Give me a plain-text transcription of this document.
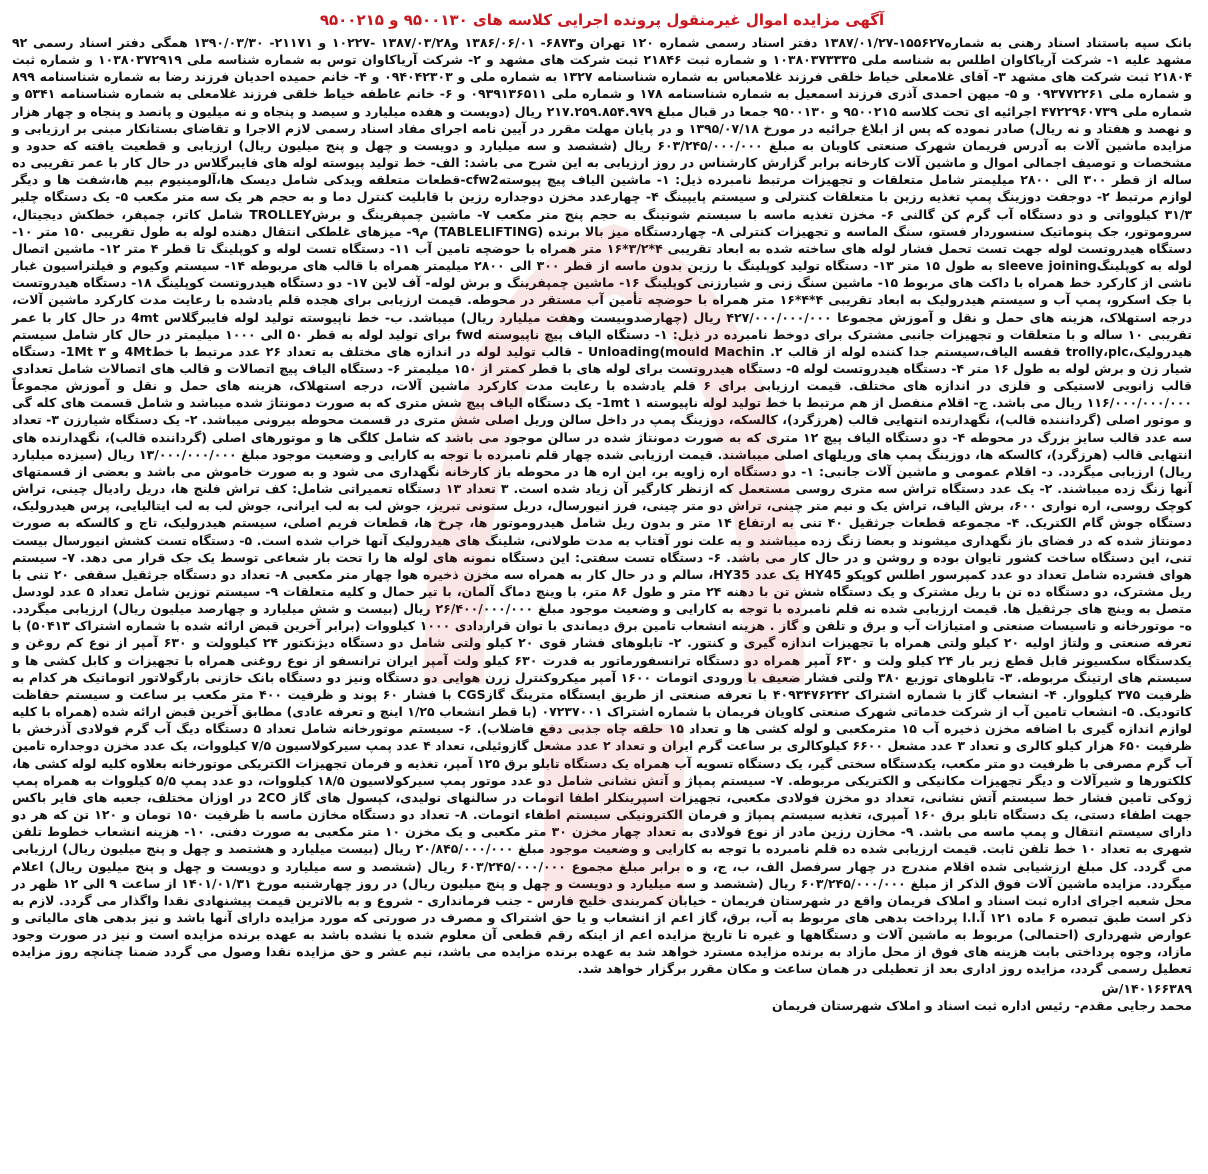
آگهی مزایده اموال غیرمنقول پرونده اجرایی کلاسه های ۹۵۰۰۱۳۰ و ۹۵۰۰۲۱۵

بانک سپه باستناد اسناد رهنی به شماره۱۵۵۶۲۷-۱۳۸۷/۰۱/۲۷ دفتر اسناد رسمی شماره ۱۲۰ تهران و۶۸۷۳- ۱۳۸۶/۰۶/۰۱ و۱۳۸۷/۰۳/۲۸ -۱۰۲۲۷ و ۲۱۱۷۱- ۱۳۹۰/۰۳/۳۰ همگی دفتر اسناد رسمی ۹۲ مشهد علیه ۱- شرکت آریاکاوان اطلس به شناسه ملی ۱۰۳۸۰۳۷۳۳۳۵ و شماره ثبت ۲۱۸۴۶ ثبت شرکت های مشهد و ۲- شرکت آریاکاوان توس به شماره شناسه ملی ۱۰۳۸۰۳۷۲۹۱۹ و شماره ثبت ۲۱۸۰۴ ثبت شرکت های مشهد ۳- آقای غلامعلی خیاط خلقی فرزند غلامعباس به شماره شناسنامه ۱۳۲۷ به شماره ملی و ۰۹۴۰۴۲۳۰۳ و ۴- خانم حمیده احدیان فرزند رضا به شماره شناسنامه ۸۹۹ و شماره ملی ۰۹۳۷۷۲۲۶۱ و ۵- میهن احمدی آذری فرزند اسمعیل به شماره شناسنامه ۱۷۸ و شماره ملی ۰۹۳۹۱۳۶۵۱۱ و ۶- خانم عاطفه خیاط خلقی فرزند غلامعلی به شماره شناسنامه ۵۳۴۱ و شماره ملی ۴۷۲۲۹۶۰۷۳۹ اجرائیه ای تحت کلاسه ۹۵۰۰۲۱۵ و ۹۵۰۰۱۳۰ جمعا در قبال مبلغ ۲۱۷.۲۵۹.۸۵۴.۹۷۹ ریال (دویست و هفده میلیارد و سیصد و پنجاه و نه میلیون و پانصد و پنجاه و چهار هزار و نهصد و هفتاد و نه ریال) صادر نموده که پس از ابلاغ جرائیه در مورخ ۱۳۹۵/۰۷/۱۸ و در پایان مهلت مقرر در آیین نامه اجرای مفاد اسناد رسمی لازم الاجرا و تقاضای بستانکار مبنی بر ارزیابی و مزایده ماشین آلات به آدرس فریمان شهرک صنعتی کاویان به مبلغ ۶۰۳/۲۴۵/۰۰۰/۰۰۰ ریال (ششصد و سه میلیارد و دویست و چهل و پنج میلیون ریال) ارزیابی و قطعیت یافته که حدود و مشخصات و توصیف اجمالی اموال و ماشین آلات کارخانه برابر گزارش کارشناس در روز ارزیابی به این شرح می باشد: الف- خط تولید پیوسته لوله های فایبرگلاس در حال کار با عمر تقریبی ده ساله از قطر ۳۰۰ الی ۲۸۰۰ میلیمتر شامل متعلقات و تجهیزات مرتبط نامبرده ذیل: ۱- ماشین الیاف پیچ پیوستهcfw2-قطعات متعلقه ویدکی شامل دیسک ها،آلومینیوم بیم ها،شفت ها و دیگر لوازم مرتبط ۲- دوجفت دوزینگ پمپ تغذیه رزین با متعلقات کنترلی و سیستم پایپینگ ۴- چهارعدد مخزن دوجداره رزین با قابلیت کنترل دما و به حجم هر یک سه متر مکعب ۵- یک دستگاه چلیر ۳۱/۳ کیلوواتی و دو دستگاه آب گرم کن گالنی ۶- مخزن تغذیه ماسه با سیستم شوتینگ به حجم پنج متر مکعب ۷- ماشین چمپفرینگ و برشTROLLEY شامل کاتر، چمپفر، خطکش دیجیتال، سروموتور، جک پنوماتیک سنسوردار فستو، سنگ الماسه و تجهیزات کنترلی ۸- چهاردستگاه میز بالا برنده (TABLELIFTING) م۹- میزهای غلطکی انتقال دهنده لوله به طول تقریبی ۱۵۰ متر ۱۰- دستگاه هیدروتست لوله جهت تست تحمل فشار لوله های ساخته شده به ابعاد تقریبی ۴*۳/۲*۱۶ متر همراه با حوضچه تامین آب ۱۱- دستگاه تست لوله و کوپلینگ تا قطر ۴ متر ۱۲- ماشین اتصال لوله به کوپلینگsleeve joining به طول ۱۵ متر ۱۳- دستگاه تولید کوپلینگ با رزین بدون ماسه از قطر ۳۰۰ الی ۲۸۰۰ میلیمتر همراه با قالب های مربوطه ۱۴- سیستم وکیوم و فیلتراسیون غبار ناشی از کارکرد خط همراه با داکت های مربوط ۱۵- ماشین سنگ زنی و شیارزنی کوپلینگ ۱۶- ماشین چمپفرینگ و برش لوله- آف لاین ۱۷- دو دستگاه هیدروتست کوپلینگ ۱۸- دستگاه هیدروتست با جک اسکرو، پمپ آب و سیستم هیدرولیک به ابعاد تقریبی ۴*۴*۱۶ متر همراه با حوضچه تأمین آب مستقر در محوطه. قیمت ارزیابی برای هجده قلم یادشده با رعایت مدت کارکرد ماشین آلات، درجه استهلاک، هزینه های حمل و نقل و آموزش مجموعا ۴۲۷/۰۰۰/۰۰۰/۰۰۰ ریال (چهارصدوبیست وهفت میلیارد ریال) میباشد. ب- خط ناپیوسته تولید لوله فایبرگلاس 4mt در حال کار با عمر تقریبی ۱۰ ساله و با متعلقات و تجهیزات جانبی مشترک برای دوخط نامبرده در ذیل: ۱- دستگاه الیاف پیچ ناپیوسته fwd برای تولید لوله به قطر ۵۰ الی ۱۰۰۰ میلیمتر در حال کار شامل سیستم هیدرولیک،trolly،plc قفسه الیاف،سیستم جدا کننده لوله از قالب ۲. Unloading(mould Machin - قالب تولید لوله در اندازه های مختلف به تعداد ۲۶ عدد مرتبط با خط4Mt و 1Mt ۳- دستگاه شیار زن و برش لوله به طول ۱۶ متر ۴- دستگاه هیدروتست لوله ۵- دستگاه هیدروتست برای لوله های با قطر کمتر از ۱۵۰ میلیمتر ۶- دستگاه الیاف پیچ اتصالات و قالب های اتصالات شامل تعدادی قالب زانویی لاستیکی و فلزی در اندازه های مختلف. قیمت ارزیابی برای ۶ قلم یادشده با رعایت مدت کارکرد ماشین آلات، درجه استهلاک، هزینه های حمل و نقل و آموزش مجموعاً ۱۱۶/۰۰۰/۰۰۰/۰۰۰ ریال می باشد. ج- اقلام منفصل از هم مرتبط با خط تولید لوله ناپیوسته 1mt ۱- یک دستگاه الیاف پیچ شش متری که به صورت دمونتاژ شده میباشد و شامل قسمت های کله گی و موتور اصلی (گردانننده قالب)، نگهدارنده انتهایی قالب (هرزگرد)، کالسکه، دوزینگ پمپ در داخل سالن وریل اصلی شش متری در قسمت محوطه بیرونی میباشد. ۲- یک دستگاه شیارزن ۳- تعداد سه عدد قالب سایز بزرگ در محوطه ۴- دو دستگاه الیاف پیچ ۱۲ متری که به صورت دمونتاژ شده در سالن موجود می باشد که شامل کلگی ها و موتورهای اصلی (گرداننده قالب)، نگهدارنده های انتهایی قالب (هرزگرد)، کالسکه ها، دوزینگ پمپ های وریلهای اصلی میباشند. قیمت ارزیابی شده چهار قلم نامبرده با توجه به کارایی و وضعیت موجود مبلغ ۱۳/۰۰۰/۰۰۰/۰۰۰ ریال (سیزده میلیارد ریال) ارزیابی میگردد. د- اقلام عمومی و ماشین آلات جانبی: ۱- دو دستگاه اره زاویه بر، این اره ها در محوطه باز کارخانه نگهداری می شود و به صورت خاموش می باشد و بعضی از قسمتهای آنها زنگ زده میباشند. ۲- یک عدد دستگاه تراش سه متری روسی مستعمل که ازنظر کارگیر آن زیاد شده است. ۳ تعداد ۱۳ دستگاه تعمیراتی شامل: کف تراش فلنج ها، دریل رادیال چینی، تراش کوچک روسی، اره نواری ۶۰۰، برش الیاف، تراش یک و نیم متر چینی، تراش دو متر چینی، فرز انیورسال، دریل ستونی تبریز، جوش لب به لب ایرانی، جوش لب به لب ایتالیایی، پرس هیدرولیک، دستگاه جوش گام الکتریک. ۴- مجموعه قطعات جرثقیل ۴۰ تنی به ارتفاع ۱۴ متر و بدون ریل شامل هیدروموتور ها، چرخ ها، قطعات فریم اصلی، سیستم هیدرولیک، تاج و کالسکه به صورت دمونتاژ شده که در فضای باز نگهداری میشوند و بعضا زنگ زده میباشند و به علت نور آفتاب به مدت طولانی، شلینگ های هیدرولیک آنها خراب شده است. ۵- دستگاه تست کشش انیورسال بیست تنی، این دستگاه ساخت کشور تایوان بوده و روشن و در حال کار می باشد. ۶- دستگاه تست سفتی: این دستگاه نمونه های لوله ها را تحت بار شعاعی توسط یک جک قرار می دهد. ۷- سیستم هوای فشرده شامل تعداد دو عدد کمپرسور اطلس کوپکو HY45 یک عدد HY35، سالم و در حال کار به همراه سه مخزن ذخیره هوا چهار متر مکعبی ۸- تعداد دو دستگاه جرثقیل سقفی ۲۰ تنی با ریل مشترک، دو دستگاه ده تن با ریل مشترک و یک دستگاه شش تن با دهنه ۲۴ متر و طول ۸۶ متر، با وینچ دماگ آلمان، با تیر حمال و کلیه متعلقات ۹- سیستم توزین شامل تعداد ۵ عدد لودسل متصل به وینچ های جرثقیل ها. قیمت ارزیابی شده نه قلم نامبرده با توجه به کارایی و وضعیت موجود مبلغ ۲۶/۴۰۰/۰۰۰/۰۰۰ ریال (بیست و شش میلیارد و چهارصد میلیون ریال) ارزیابی میگردد. ه- موتورخانه و تاسیسات صنعتی و امتیازات آب و برق و تلفن و گاز . هزینه انشعاب تامین برق دیماندی با توان قراردادی ۱۰۰۰ کیلووات (برابر آخرین قبض ارائه شده با شماره اشتراک ۵۰۴۱۳) با تعرفه صنعتی و ولتاژ اولیه ۲۰ کیلو ولتی همراه با تجهیزات اندازه گیری و کنتور. ۲- تابلوهای فشار قوی ۲۰ کیلو ولتی شامل دو دستگاه دیژنکتور ۲۴ کیلوولت و ۶۳۰ آمپر از نوع کم روغن و یکدستگاه سکسیونر قابل قطع زیر بار ۲۴ کیلو ولت و ۶۳۰ آمپر همراه دو دستگاه ترانسفورماتور به قدرت ۶۳۰ کیلو ولت آمپر ایران ترانسفو از نوع روغنی همراه با تجهیزات و کابل کشی ها و سیستم های ارتینگ مربوطه. ۳- تابلوهای توزیع ۳۸۰ ولتی فشار ضعیف با ورودی اتومات ۱۶۰۰ آمپر میکروکنترل زرن هوایی دو دستگاه ونیز دو دستگاه بانک خازنی بارگولاتور اتوماتیک هر کدام به ظرفیت ۳۷۵ کیلووار. ۴- انشعاب گاز با شماره اشتراک ۴۰۹۳۴۷۶۲۴۲ با تعرفه صنعتی از طریق ایستگاه مترینگ گازCGS با فشار ۶۰ پوند و ظرفیت ۴۰۰ متر مکعب بر ساعت و سیستم حفاظت کاتودیک. ۵- انشعاب تامین آب از شرکت خدماتی شهرک صنعتی کاویان فریمان با شماره اشتراک ۰۷۲۳۷۰۰۱ (با قطر انشعاب ۱/۲۵ اینچ و تعرفه عادی) مطابق آخرین قبض ارائه شده (همراه با کلیه لوازم اندازه گیری با اضافه مخزن ذخیره آب ۱۵ مترمکعبی و لوله کشی ها و تعداد ۱۵ حلقه چاه جذبی دفع فاضلاب). ۶- سیستم موتورخانه شامل تعداد ۵ دستگاه دیگ آب گرم فولادی آذرخش با ظرفیت ۶۵۰ هزار کیلو کالری و تعداد ۳ عدد مشعل ۶۶۰۰ کیلوکالری بر ساعت گرم ایران و تعداد ۲ عدد مشعل گازوئیلی، تعداد ۴ عدد پمپ سیرکولاسیون ۷/۵ کیلووات، یک عدد مخزن دوجداره تامین آب گرم مصرفی با ظرفیت دو متر مکعب، یکدستگاه سختی گیر، یک دستگاه تسویه آب همراه یک دستگاه تابلو برق ۱۲۵ آمپر، تغذیه و فرمان تجهیزات الکتریکی موتورخانه بعلاوه کلیه لوله کشی ها، کلکتورها و شیرآلات و دیگر تجهیزات مکانیکی و الکتریکی مربوطه. ۷- سیستم پمپاژ و آتش نشانی شامل دو عدد موتور پمپ سیرکولاسیون ۱۸/۵ کیلووات، دو عدد پمپ ۵/۵ کیلووات به همراه پمپ ژوکی تامین فشار خط سیستم آتش نشانی، تعداد دو مخزن فولادی مکعبی، تجهیزات اسپرینکلر اطفا اتومات در سالنهای تولیدی، کپسول های گاز 2CO در اوزان مختلف، جعبه های فایر باکس جهت اطفاء دستی، یک دستگاه تابلو برق ۱۶۰ آمپری، تغذیه سیستم پمپاژ و فرمان الکترونیکی سیستم اطفاء اتومات. ۸- تعداد دو دستگاه مخازن ماسه با ظرفیت ۱۵۰ تومان و ۱۲۰ تن که هر دو دارای سیستم انتقال و پمپ ماسه می باشد. ۹- مخازن رزین مادر از نوع فولادی به تعداد چهار مخزن ۳۰ متر مکعبی و یک مخزن ۱۰ متر مکعبی به صورت دفنی. ۱۰- هزینه انشعاب خطوط تلفن شهری به تعداد ۱۰ خط تلفن ثابت. قیمت ارزیابی شده ده قلم نامبرده با توجه به کارایی و وضعیت موجود مبلغ ۲۰/۸۴۵/۰۰۰/۰۰۰ ریال (بیست میلیارد و هشتصد و چهل و پنج میلیون ریال) ارزیابی می گردد. کل مبلغ ارزشیابی شده اقلام مندرج در چهار سرفصل الف، ب، ج، و ه برابر مبلغ مجموع ۶۰۳/۲۴۵/۰۰۰/۰۰۰ ریال (ششصد و سه میلیارد و دویست و چهل و پنج میلیون ریال) اعلام میگردد. مزایده ماشین آلات فوق الذکر از مبلغ ۶۰۳/۲۴۵/۰۰۰/۰۰۰ ریال (ششصد و سه میلیارد و دویست و چهل و پنج میلیون ریال) در روز چهارشنبه مورخ ۱۴۰۱/۰۱/۳۱ از ساعت ۹ الی ۱۲ ظهر در محل شعبه اجرای اداره ثبت اسناد و املاک فریمان واقع در شهرستان فریمان - خیابان کمربندی خلیج فارس - جنب فرمانداری - شروع و به بالاترین قیمت پیشنهادی نقدا واگذار می گردد. لازم به ذکر است طبق تبصره ۶ ماده ۱۲۱ آ.ا.ا پرداخت بدهی های مربوط به آب، برق، گاز اعم از انشعاب و یا حق اشتراک و مصرف در صورتی که مورد مزایده دارای آنها باشد و نیز بدهی های مالیاتی و عوارض شهرداری (احتمالی) مربوط به ماشین آلات و دستگاهها و غیره تا تاریخ مزایده اعم از اینکه رقم قطعی آن معلوم شده یا نشده باشد به عهده برنده مزایده است و نیز در صورت وجود مازاد، وجوه پرداختی بابت هزینه های فوق از محل مازاد به برنده مزایده مسترد خواهد شد به عهده برنده مزایده می باشد، نیم عشر و حق مزایده نقدا وصول می گردد ضمنا چنانچه روز مزایده تعطیل رسمی گردد، مزایده روز اداری بعد از تعطیلی در همان ساعت و مکان مقرر برگزار خواهد شد.

۱۴۰۱۶۶۳۸۹/ش

محمد رجایی مقدم- رئیس اداره ثبت اسناد و املاک شهرستان فریمان
